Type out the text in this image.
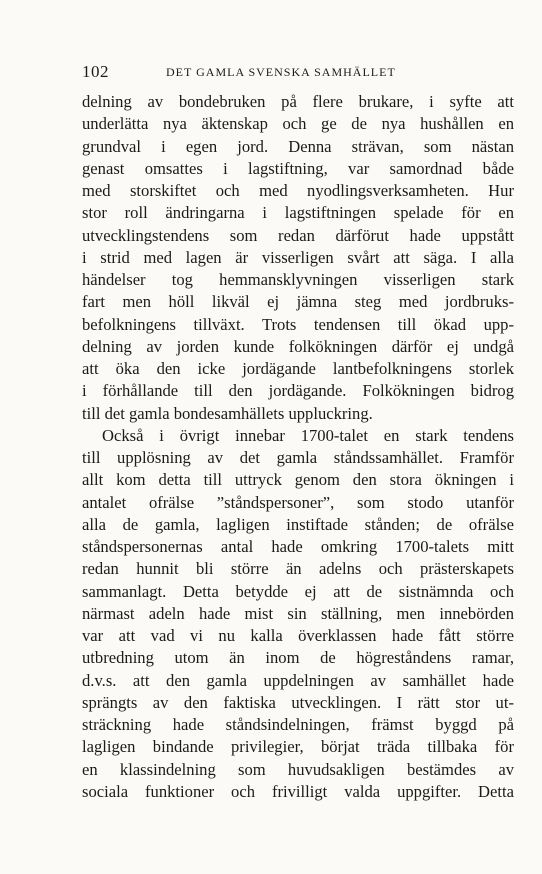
102	DET GAMLA SVENSKA SAMHÄLLET
delning av bondebruken på flere brukare, i syfte att
underlätta nya äktenskap och ge de nya hushållen en
grundval i egen jord. Denna strävan, som nästan
genast omsattes i lagstiftning, var samordnad både
med storskiftet och med nyodlingsverksamheten. Hur
stor roll ändringarna i lagstiftningen spelade för en
utvecklingstendens som redan därförut hade uppstått
i strid med lagen är visserligen svårt att säga. I alla
händelser tog hemmansklyvningen visserligen stark
fart men höll likväl ej jämna steg med jordbruks-
befolkningens tillväxt. Trots tendensen till ökad upp-
delning av jorden kunde folkökningen därför ej undgå
att öka den icke jordägande lantbefolkningens storlek
i förhållande till den jordägande. Folkökningen bidrog
till det gamla bondesamhällets uppluckring.
Också i övrigt innebar 1700-talet en stark tendens
till upplösning av det gamla ståndssamhället. Framför
allt kom detta till uttryck genom den stora ökningen i
antalet ofrälse ”ståndspersoner”, som stodo utanför
alla de gamla, lagligen instiftade stånden; de ofrälse
ståndspersonernas antal hade omkring 1700-talets mitt
redan hunnit bli större än adelns och prästerskapets
sammanlagt. Detta betydde ej att de sistnämnda och
närmast adeln hade mist sin ställning, men innebörden
var att vad vi nu kalla överklassen hade fått större
utbredning utom än inom de högreståndens ramar,
d.v.s. att den gamla uppdelningen av samhället hade
sprängts av den faktiska utvecklingen. I rätt stor ut-
sträckning hade ståndsindelningen, främst byggd på
lagligen bindande privilegier, börjat träda tillbaka för
en klassindelning som huvudsakligen bestämdes av
sociala funktioner och frivilligt valda uppgifter. Detta
